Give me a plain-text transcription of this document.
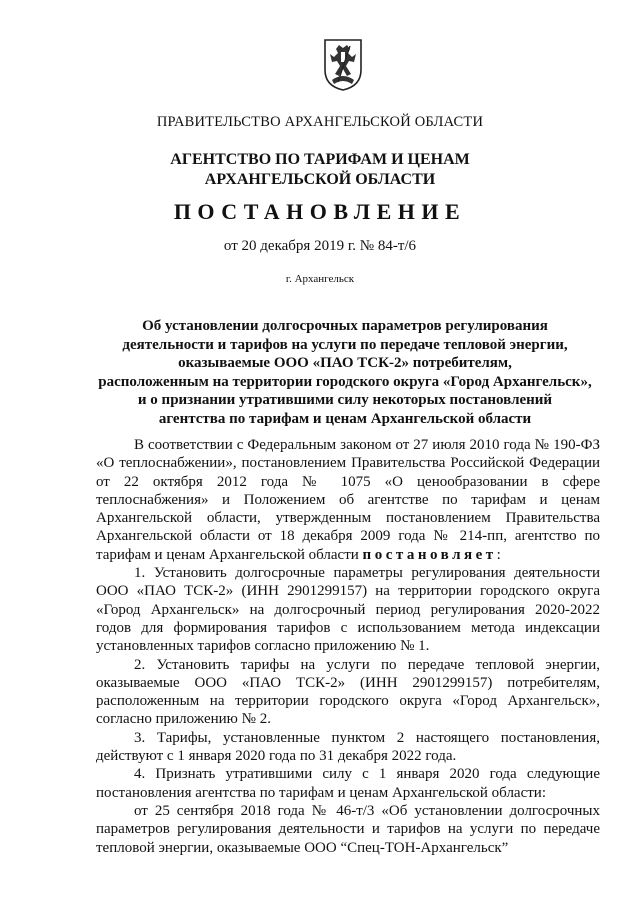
ПРАВИТЕЛЬСТВО АРХАНГЕЛЬСКОЙ ОБЛАСТИ
АГЕНТСТВО ПО ТАРИФАМ И ЦЕНАМ
АРХАНГЕЛЬСКОЙ ОБЛАСТИ
ПОСТАНОВЛЕНИЕ
от 20 декабря 2019 г. № 84-т/6
г. Архангельск
Об установлении долгосрочных параметров регулирования
деятельности и тарифов на услуги по передаче тепловой энергии,
оказываемые ООО «ПАО ТСК-2» потребителям,
расположенным на территории городского округа «Город Архангельск»,
и о признании утратившими силу некоторых постановлений
агентства по тарифам и ценам Архангельской области

В соответствии с Федеральным законом от 27 июля 2010 года № 190-ФЗ «О теплоснабжении», постановлением Правительства Российской Федерации от 22 октября 2012 года № 1075 «О ценообразовании в сфере теплоснабжения» и Положением об агентстве по тарифам и ценам Архангельской области, утвержденным постановлением Правительства Архангельской области от 18 декабря 2009 года № 214-пп, агентство по тарифам и ценам Архангельской области постановляет:

1. Установить долгосрочные параметры регулирования деятельности ООО «ПАО ТСК-2» (ИНН 2901299157) на территории городского округа «Город Архангельск» на долгосрочный период регулирования 2020-2022 годов для формирования тарифов с использованием метода индексации установленных тарифов согласно приложению № 1.

2. Установить тарифы на услуги по передаче тепловой энергии, оказываемые ООО «ПАО ТСК-2» (ИНН 2901299157) потребителям, расположенным на территории городского округа «Город Архангельск», согласно приложению № 2.

3. Тарифы, установленные пунктом 2 настоящего постановления, действуют с 1 января 2020 года по 31 декабря 2022 года.

4. Признать утратившими силу с 1 января 2020 года следующие постановления агентства по тарифам и ценам Архангельской области:

от 25 сентября 2018 года № 46-т/3 «Об установлении долгосрочных параметров регулирования деятельности и тарифов на услуги по передаче тепловой энергии, оказываемые ООО “Спец-ТОН-Архангельск”
